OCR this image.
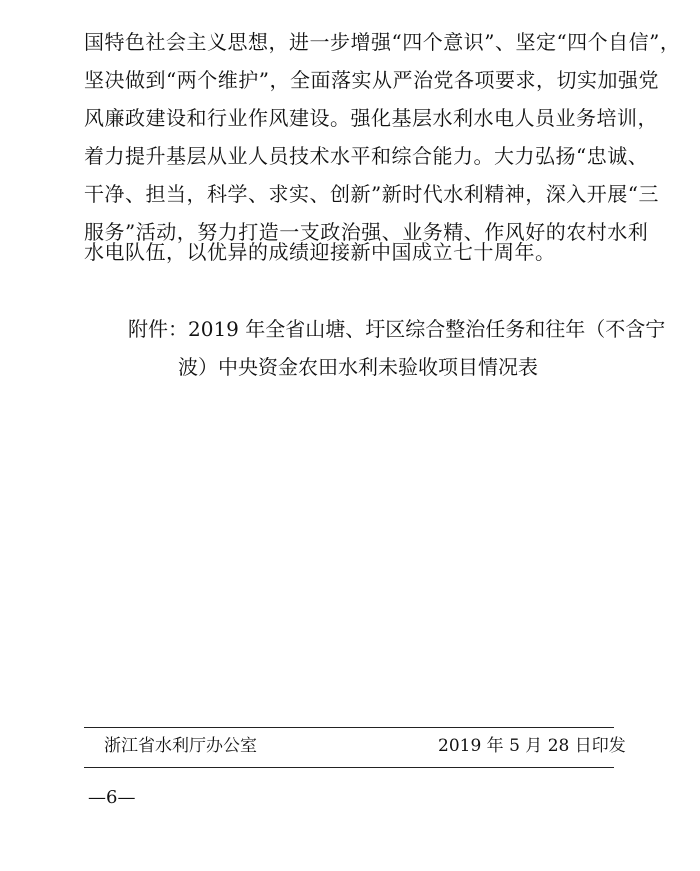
国特色社会主义思想，进一步增强“四个意识”、坚定“四个自信”，
坚决做到“两个维护”，全面落实从严治党各项要求，切实加强党
风廉政建设和行业作风建设。强化基层水利水电人员业务培训，
着力提升基层从业人员技术水平和综合能力。大力弘扬“忠诚、
干净、担当，科学、求实、创新”新时代水利精神，深入开展“三
服务”活动，努力打造一支政治强、业务精、作风好的农村水利
水电队伍，以优异的成绩迎接新中国成立七十周年。
附件：2019 年全省山塘、圩区综合整治任务和往年（不含宁
波）中央资金农田水利未验收项目情况表
浙江省水利厅办公室	2019 年 5 月 28 日印发
—6—
